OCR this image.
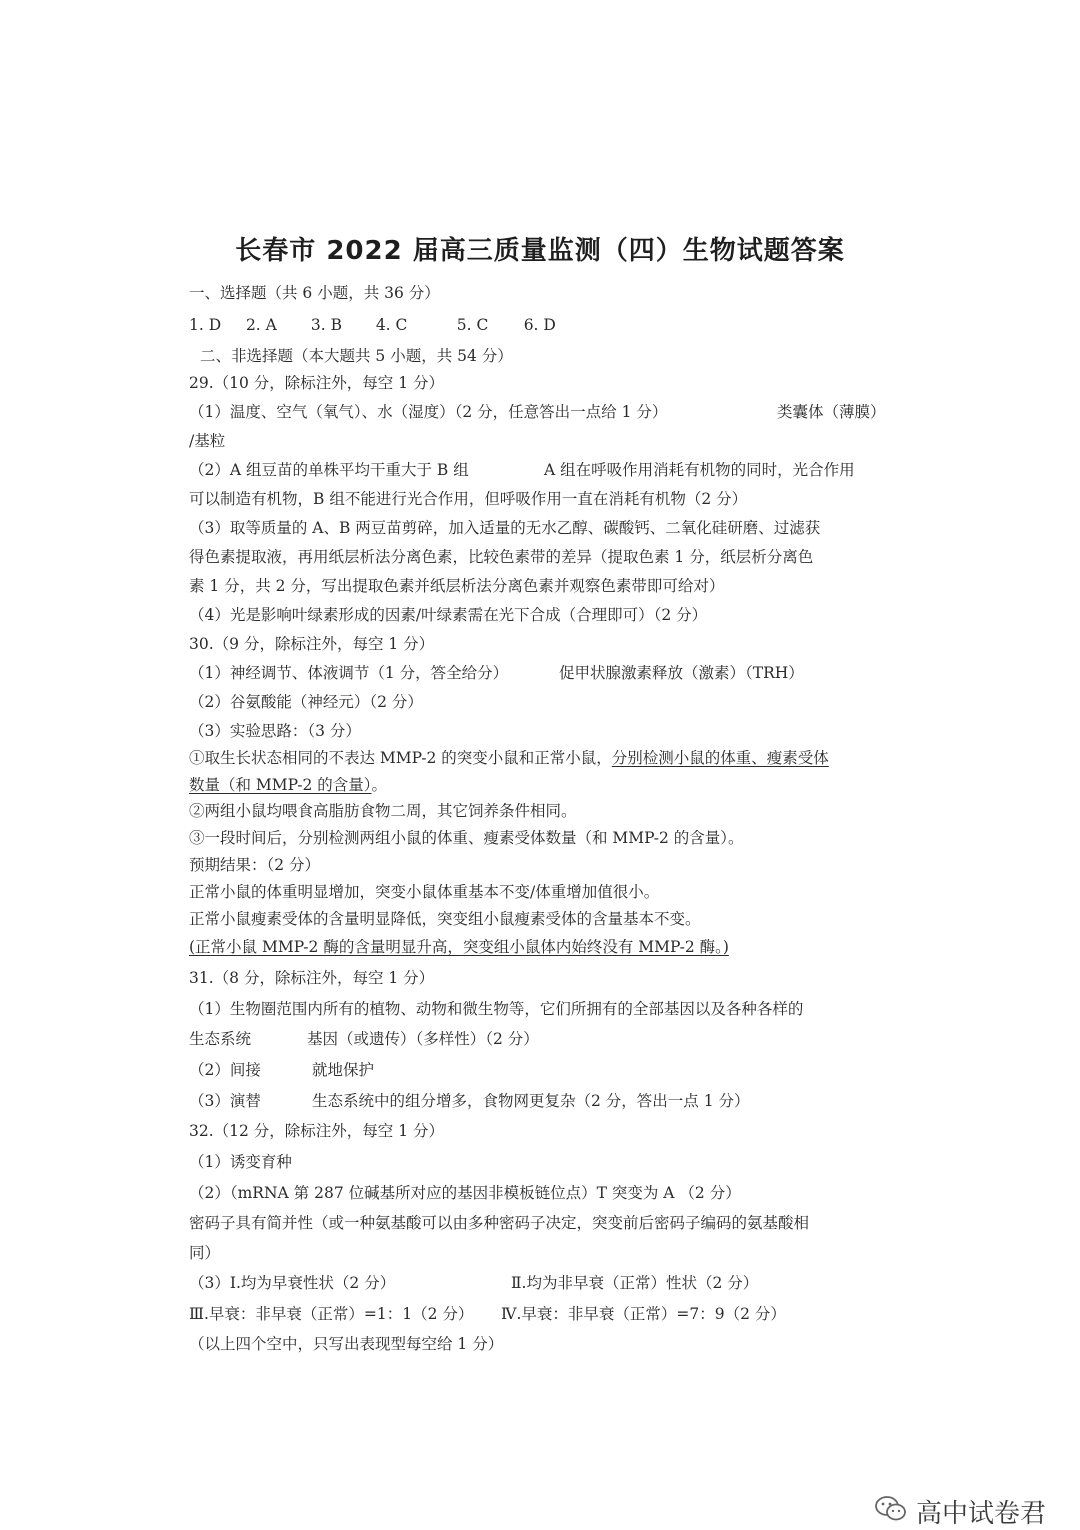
长春市 2022 届高三质量监测（四）生物试题答案
一、选择题（共 6 小题，共 36 分）
1. D 2. A 3. B 4. C	5. C 6. D
二、非选择题（本大题共 5 小题，共 54 分）
29.（10 分，除标注外，每空 1 分）
（1）温度、空气（氧气）、水（湿度）（2 分，任意答出一点给 1 分）	类囊体（薄膜）
/基粒
（2）A 组豆苗的单株平均干重大于 B 组	A 组在呼吸作用消耗有机物的同时，光合作用
可以制造有机物，B 组不能进行光合作用，但呼吸作用一直在消耗有机物（2 分）
（3）取等质量的 A、B 两豆苗剪碎，加入适量的无水乙醇、碳酸钙、二氧化硅研磨、过滤获
得色素提取液，再用纸层析法分离色素，比较色素带的差异（提取色素 1 分，纸层析分离色
素 1 分，共 2 分，写出提取色素并纸层析法分离色素并观察色素带即可给对）
（4）光是影响叶绿素形成的因素/叶绿素需在光下合成（合理即可）（2 分）
30.（9 分，除标注外，每空 1 分）
（1）神经调节、体液调节（1 分，答全给分）	促甲状腺激素释放（激素）（TRH）
（2）谷氨酸能（神经元）（2 分）
（3）实验思路：（3 分）
①取生长状态相同的不表达 MMP-2 的突变小鼠和正常小鼠，分别检测小鼠的体重、瘦素受体
数量（和 MMP-2 的含量）。
②两组小鼠均喂食高脂肪食物二周，其它饲养条件相同。
③一段时间后，分别检测两组小鼠的体重、瘦素受体数量（和 MMP-2 的含量）。
预期结果：（2 分）
正常小鼠的体重明显增加，突变小鼠体重基本不变/体重增加值很小。
正常小鼠瘦素受体的含量明显降低，突变组小鼠瘦素受体的含量基本不变。
(正常小鼠 MMP-2 酶的含量明显升高，突变组小鼠体内始终没有 MMP-2 酶。)
31.（8 分，除标注外，每空 1 分）
（1）生物圈范围内所有的植物、动物和微生物等，它们所拥有的全部基因以及各种各样的
生态系统	基因（或遗传）（多样性）（2 分）
（2）间接	就地保护
（3）演替	生态系统中的组分增多，食物网更复杂（2 分，答出一点 1 分）
32.（12 分，除标注外，每空 1 分）
（1）诱变育种
（2）（mRNA 第 287 位碱基所对应的基因非模板链位点）T 突变为 A （2 分）
密码子具有简并性（或一种氨基酸可以由多种密码子决定，突变前后密码子编码的氨基酸相
同）
（3）Ⅰ.均为早衰性状（2 分）	Ⅱ.均为非早衰（正常）性状（2 分）
Ⅲ.早衰：非早衰（正常）=1：1（2 分） Ⅳ.早衰：非早衰（正常）=7：9（2 分）
（以上四个空中，只写出表现型每空给 1 分）
高中试卷君
